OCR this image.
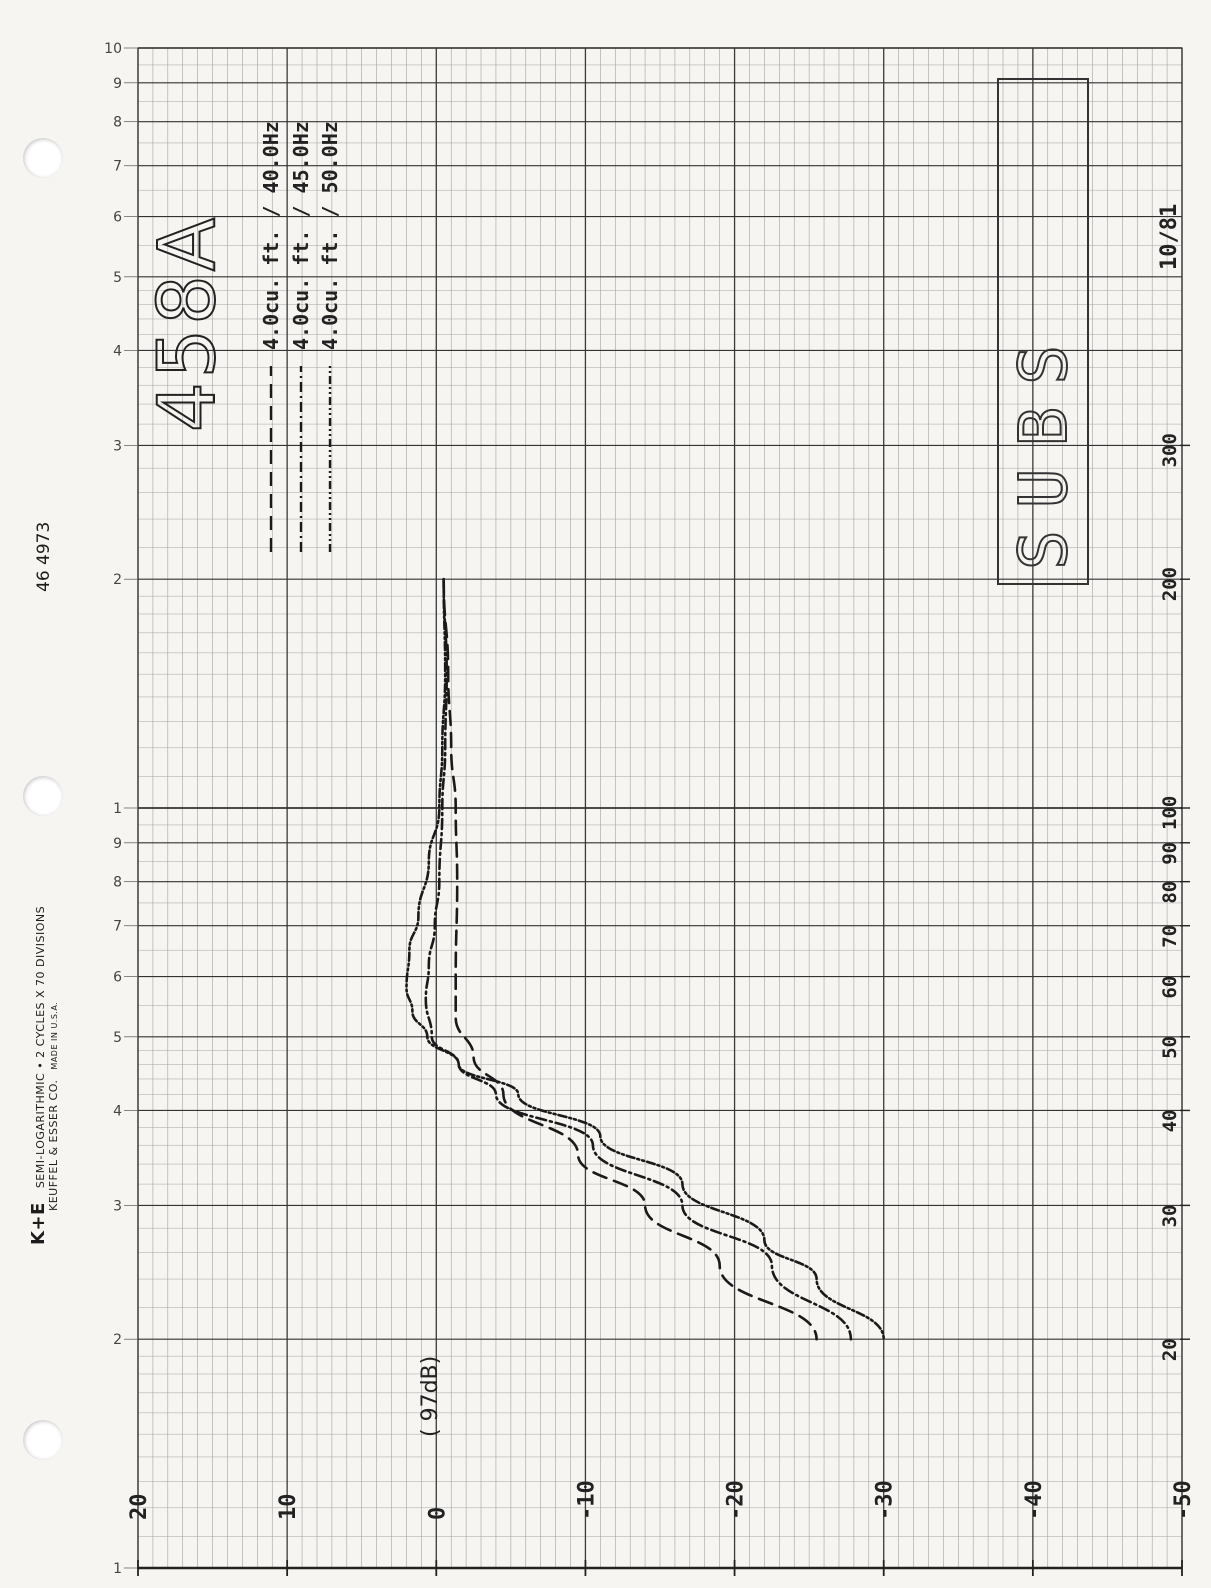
1
2
3
4
5
6
7
8
9
1
2
3
4
5
6
7
8
9
10
20
30
40
50
60
70
80
90
100
200
300
20	10	0	-10	-20	-30	-40	-50
4.0cu. ft. / 40.0Hz 4.0cu. ft. / 45.0Hz 4.0cu. ft. / 50.0Hz
458A
SUBS
10/81
( 97dB)
46 4973
K+E SEMI-LOGARITHMIC • 2 CYCLES X 70 DIVISIONS
KEUFFEL & ESSER CO. MADE IN U.S.A.
